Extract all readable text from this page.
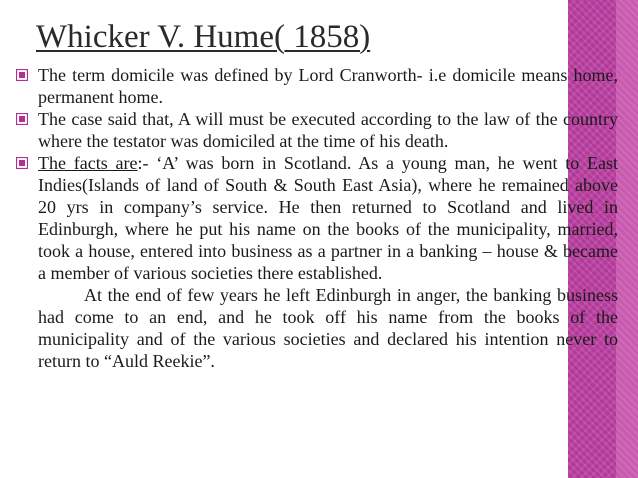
Whicker V. Hume( 1858)
The term domicile was defined by Lord Cranworth- i.e domicile means home, permanent home.
The case said that, A will must be executed according to the law of the country where the testator was domiciled at the time of his death.
The facts are:- ‘A’ was born in Scotland. As a young man, he went to East Indies(Islands of land of South & South East Asia), where he remained above 20 yrs in company’s service. He then returned to Scotland and lived in Edinburgh, where he put his name on the books of the municipality, married, took a house, entered into business as a partner in a banking – house & became a member of various societies there established.

At the end of few years he left Edinburgh in anger, the banking business had come to an end, and he took off his name from the books of the municipality and of the various societies and declared his intention never to return to “Auld Reekie”.
